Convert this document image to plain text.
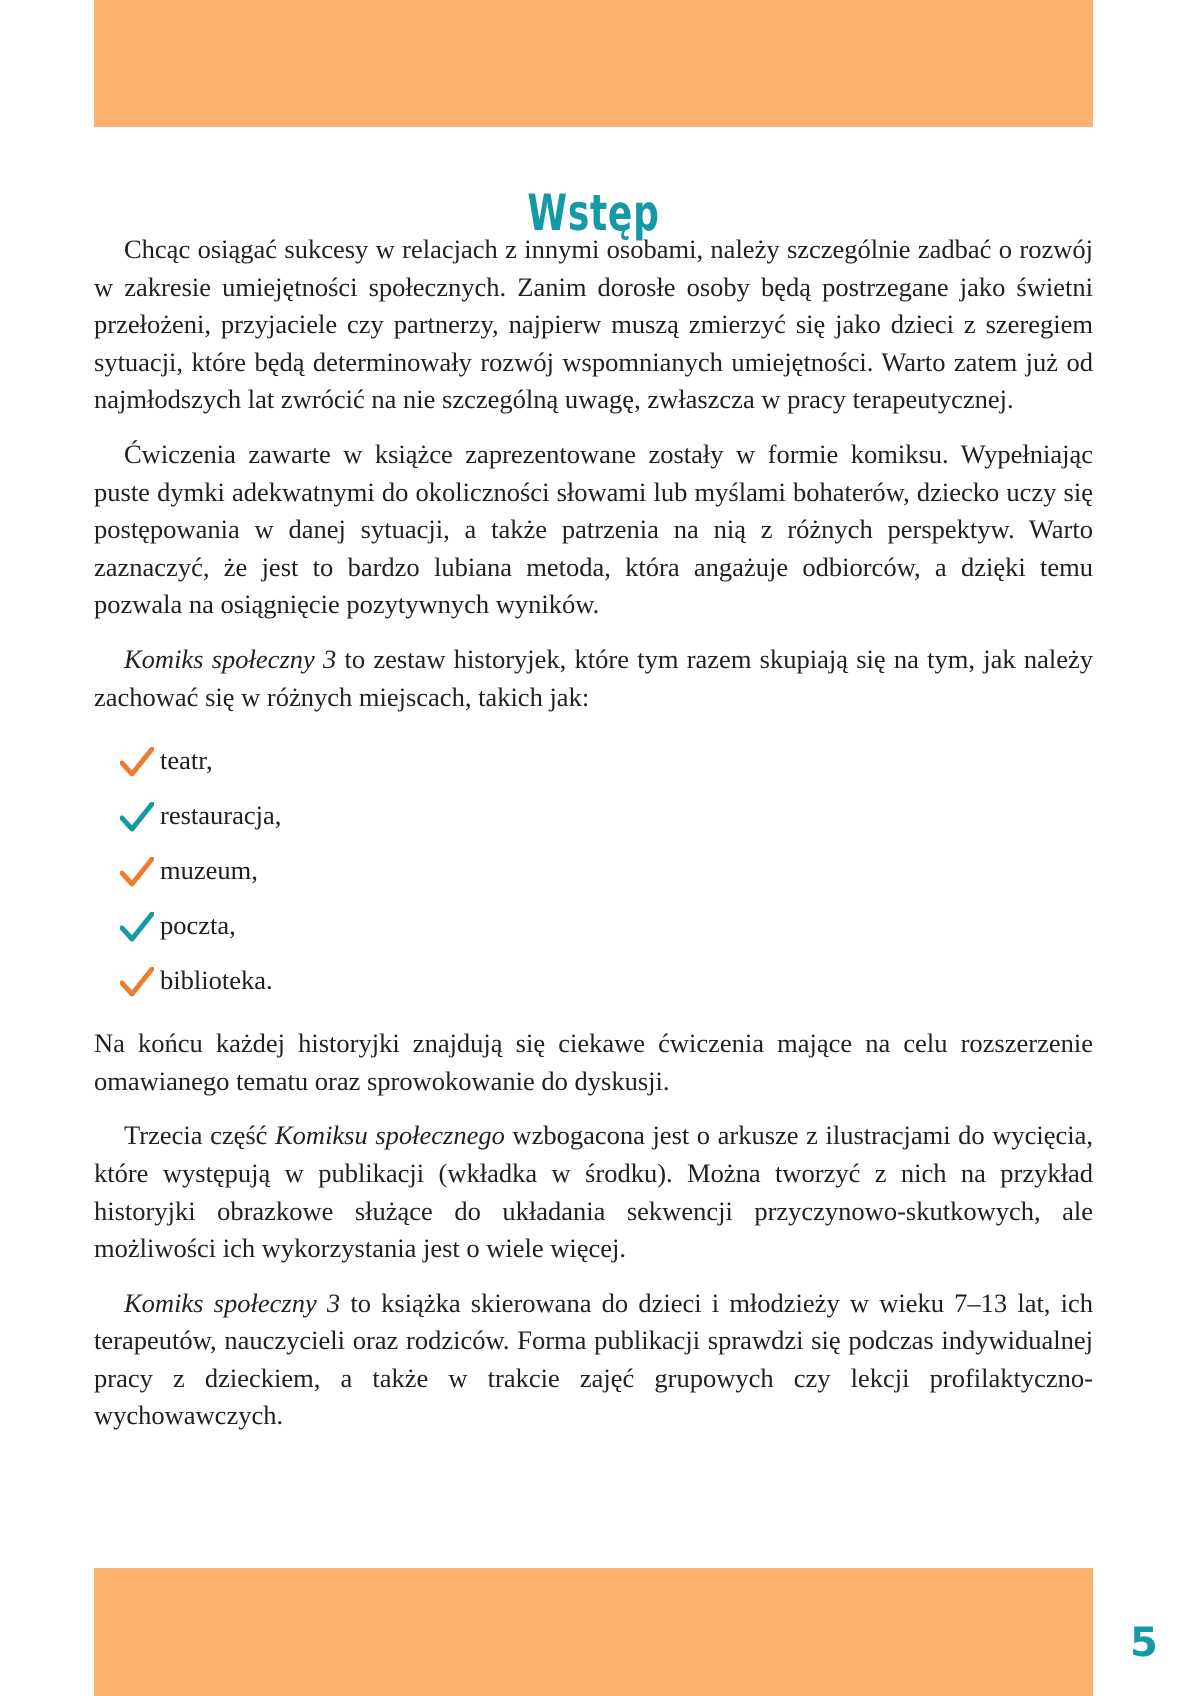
Wstęp

Chcąc osiągać sukcesy w relacjach z innymi osobami, należy szczególnie zadbać o rozwój w zakresie umiejętności społecznych. Zanim dorosłe osoby będą postrzegane jako świetni przełożeni, przyjaciele czy partnerzy, najpierw muszą zmierzyć się jako dzieci z szeregiem sytuacji, które będą determinowały rozwój wspomnianych umiejętności. Warto zatem już od najmłodszych lat zwrócić na nie szczególną uwagę, zwłaszcza w pracy terapeutycznej.

Ćwiczenia zawarte w książce zaprezentowane zostały w formie komiksu. Wypełniając puste dymki adekwatnymi do okoliczności słowami lub myślami bohaterów, dziecko uczy się postępowania w danej sytuacji, a także patrzenia na nią z różnych perspektyw. Warto zaznaczyć, że jest to bardzo lubiana metoda, która angażuje odbiorców, a dzięki temu pozwala na osiągnięcie pozytywnych wyników.

Komiks społeczny 3 to zestaw historyjek, które tym razem skupiają się na tym, jak należy zachować się w różnych miejscach, takich jak:

teatr,
restauracja,
muzeum,
poczta,
biblioteka.

Na końcu każdej historyjki znajdują się ciekawe ćwiczenia mające na celu rozszerzenie omawianego tematu oraz sprowokowanie do dyskusji.

Trzecia część Komiksu społecznego wzbogacona jest o arkusze z ilustracjami do wycięcia, które występują w publikacji (wkładka w środku). Można tworzyć z nich na przykład historyjki obrazkowe służące do układania sekwencji przyczynowo-skutkowych, ale możliwości ich wykorzystania jest o wiele więcej.

Komiks społeczny 3 to książka skierowana do dzieci i młodzieży w wieku 7–13 lat, ich terapeutów, nauczycieli oraz rodziców. Forma publikacji sprawdzi się podczas indywidualnej pracy z dzieckiem, a także w trakcie zajęć grupowych czy lekcji profilaktyczno-wychowawczych.

5
